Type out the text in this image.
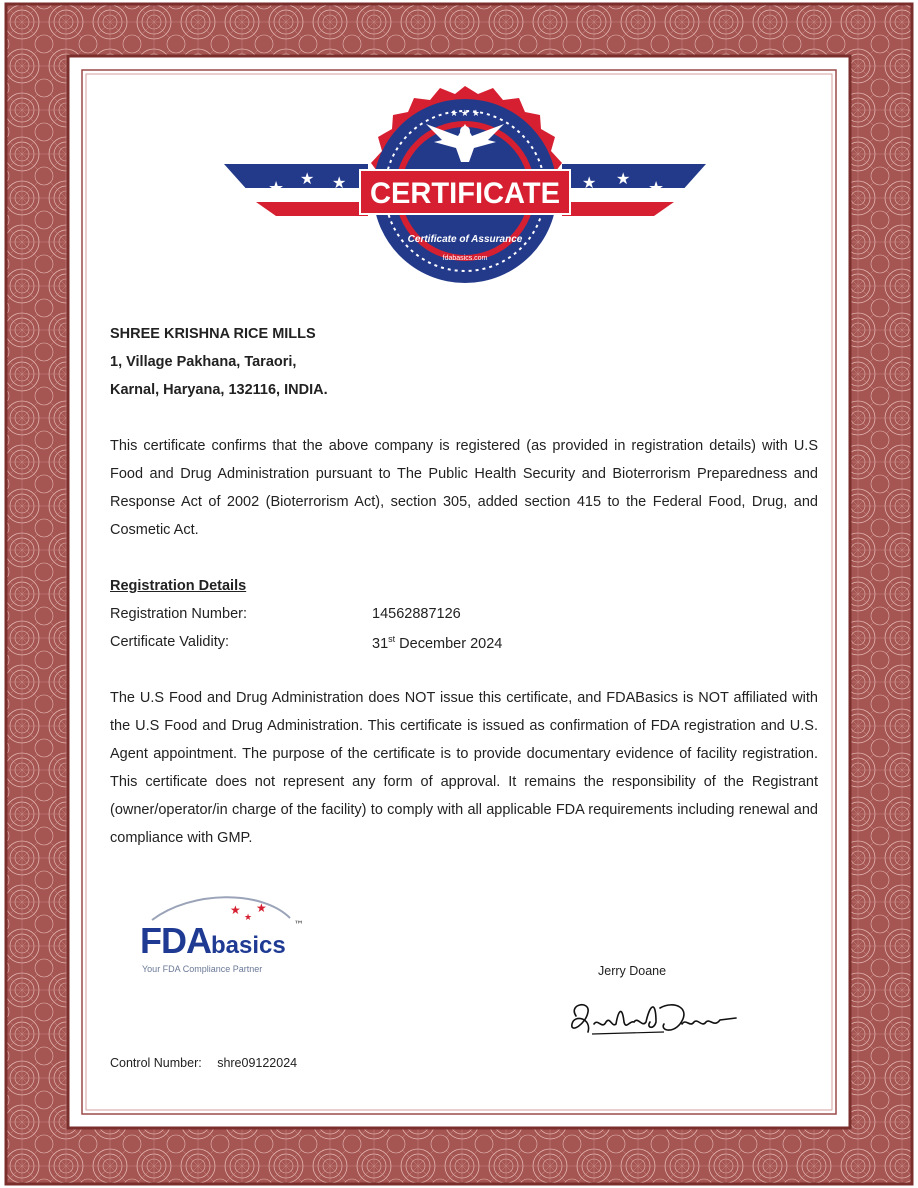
★ ★ ★	★ ★ ★
★ ★ ★
CERTIFICATE
Certificate of Assurance
fdabasics.com
SHREE KRISHNA RICE MILLS
1, Village Pakhana, Taraori,
Karnal, Haryana, 132116, INDIA.
This certificate confirms that the above company is registered (as provided in registration details) with U.S Food and Drug Administration pursuant to The Public Health Security and Bioterrorism Preparedness and Response Act of 2002 (Bioterrorism Act), section 305, added section 415 to the Federal Food, Drug, and Cosmetic Act.
Registration Details
Registration Number:	14562887126
Certificate Validity:	31st December 2024
The U.S Food and Drug Administration does NOT issue this certificate, and FDABasics is NOT affiliated with the U.S Food and Drug Administration. This certificate is issued as confirmation of FDA registration and U.S. Agent appointment. The purpose of the certificate is to provide documentary evidence of facility registration. This certificate does not represent any form of approval. It remains the responsibility of the Registrant (owner/operator/in charge of the facility) to comply with all applicable FDA requirements including renewal and compliance with GMP.
★
★
★
FDAbasics™
Your FDA Compliance Partner	Jerry Doane
Control Number: shre09122024
